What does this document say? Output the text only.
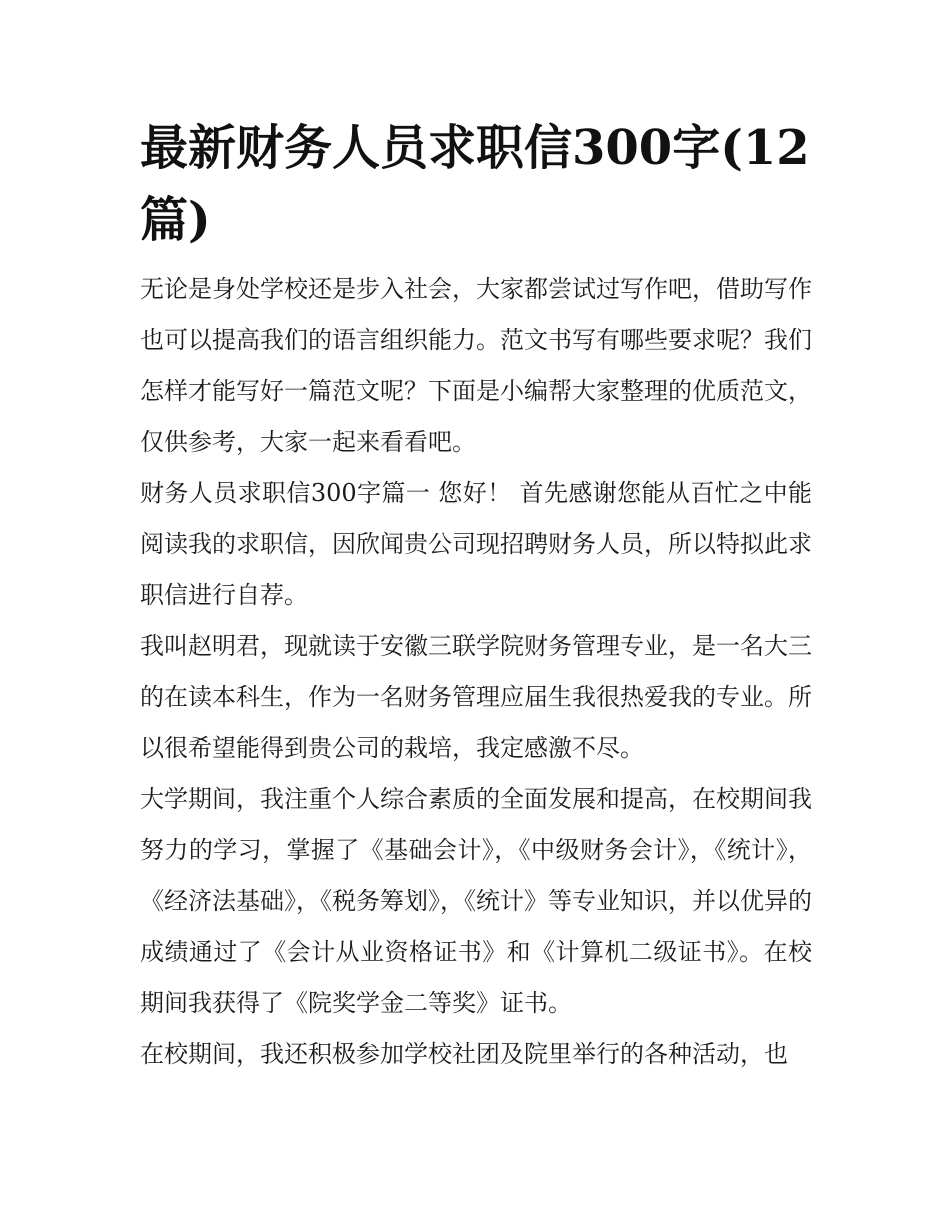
最新财务人员求职信300字(12篇)

无论是身处学校还是步入社会，大家都尝试过写作吧，借助写作也可以提高我们的语言组织能力。范文书写有哪些要求呢？我们怎样才能写好一篇范文呢？下面是小编帮大家整理的优质范文，仅供参考，大家一起来看看吧。

财务人员求职信300字篇一 您好！ 首先感谢您能从百忙之中能阅读我的求职信，因欣闻贵公司现招聘财务人员，所以特拟此求职信进行自荐。

我叫赵明君，现就读于安徽三联学院财务管理专业，是一名大三的在读本科生，作为一名财务管理应届生我很热爱我的专业。所以很希望能得到贵公司的栽培，我定感激不尽。

大学期间，我注重个人综合素质的全面发展和提高，在校期间我努力的学习，掌握了《基础会计》，《中级财务会计》，《统计》，《经济法基础》，《税务筹划》，《统计》等专业知识，并以优异的成绩通过了《会计从业资格证书》和《计算机二级证书》。在校期间我获得了《院奖学金二等奖》证书。

在校期间，我还积极参加学校社团及院里举行的各种活动，也
